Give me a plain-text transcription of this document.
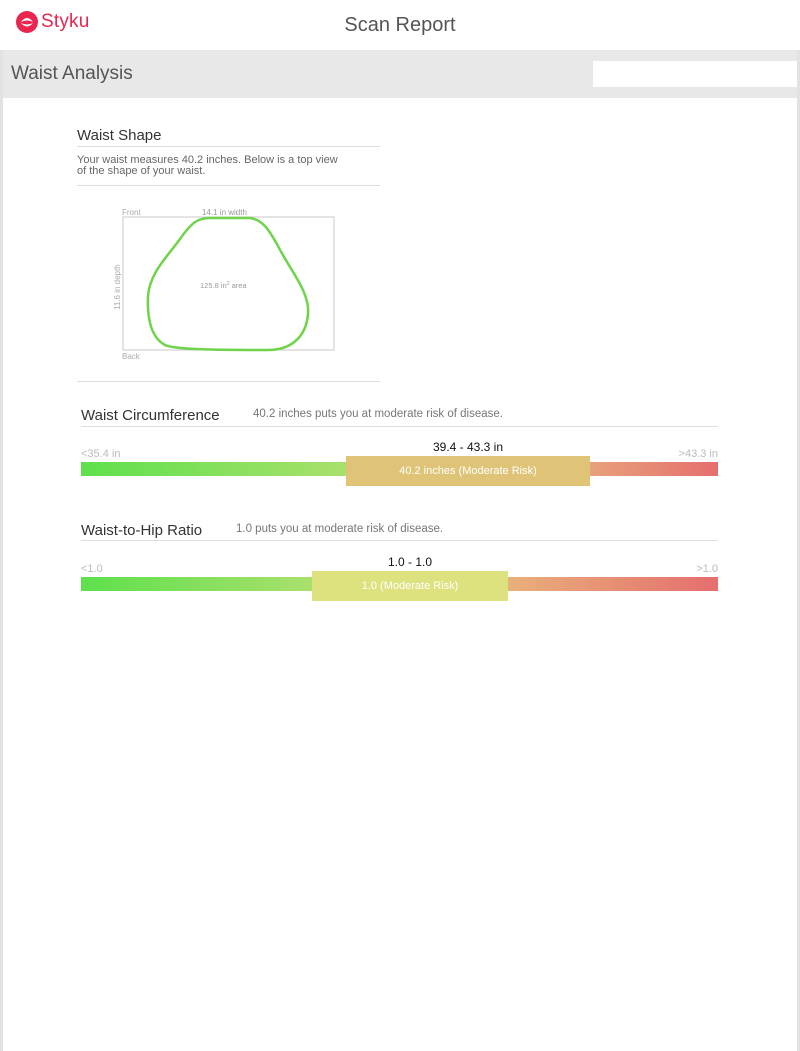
Styku	Scan Report
Waist Analysis
Waist Shape
Your waist measures 40.2 inches. Below is a top view
of the shape of your waist.
Front	14.1 in width
11.6 in depth	125.8 $in^2$ area
Back
Waist Circumference	40.2 inches puts you at moderate risk of disease.
39.4 - 43.3 in
<35.4 in	>43.3 in
40.2 inches (Moderate Risk)
Waist-to-Hip Ratio	1.0 puts you at moderate risk of disease.
1.0 - 1.0
<1.0	>1.0
1.0 (Moderate Risk)
